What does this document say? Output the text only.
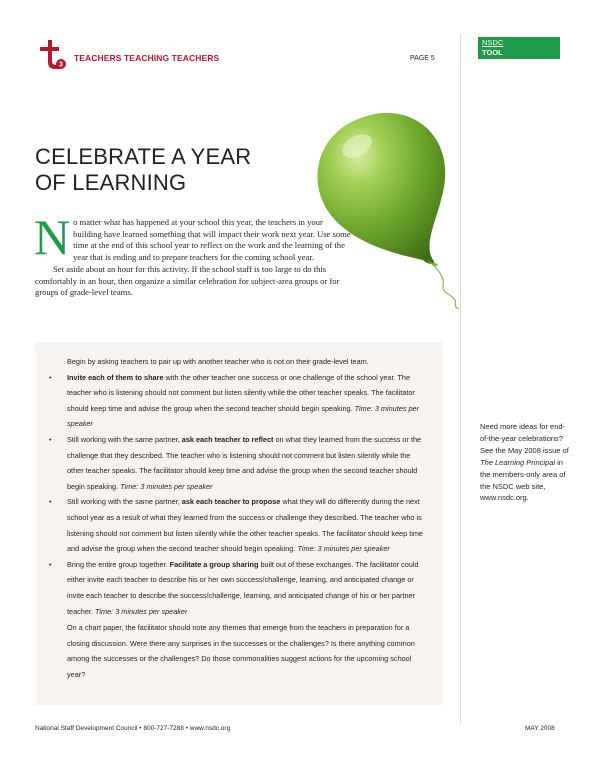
3
TEACHERS TEACHING TEACHERS	PAGE 5
NSDC
TOOL
CELEBRATE A YEAR
OF LEARNING

No matter what has happened at your school this year, the teachers in your building have learned something that will impact their work next year. Use some time at the end of this school year to reflect on the work and the learning of the year that is ending and to prepare teachers for the coming school year.

Set aside about an hour for this activity. If the school staff is too large to do this comfortably in an hour, then organize a similar celebration for subject-area groups or for groups of grade-level teams.

Begin by asking teachers to pair up with another teacher who is not on their grade-level team.

• Invite each of them to share with the other teacher one success or one challenge of the school year. The teacher who is listening should not comment but listen silently while the other teacher speaks. The facilitator should keep time and advise the group when the second teacher should begin speaking. Time: 3 minutes per speaker
• Still working with the same partner, ask each teacher to reflect on what they learned from the success or the challenge that they described. The teacher who is listening should not comment but listen silently while the other teacher speaks. The facilitator should keep time and advise the group when the second teacher should begin speaking. Time: 3 minutes per speaker
• Still working with the same partner, ask each teacher to propose what they will do differently during the next school year as a result of what they learned from the success or challenge they described. The teacher who is listening should not comment but listen silently while the other teacher speaks. The facilitator should keep time and advise the group when the second teacher should begin speaking. Time: 3 minutes per speaker
• Bring the entire group together. Facilitate a group sharing built out of these exchanges. The facilitator could either invite each teacher to describe his or her own success/challenge, learning, and anticipated change or invite each teacher to describe the success/challenge, learning, and anticipated change of his or her partner teacher. Time: 3 minutes per speaker

On a chart paper, the facilitator should note any themes that emerge from the teachers in preparation for a closing discussion. Were there any surprises in the successes or the challenges? Is there anything common among the successes or the challenges? Do those commonalities suggest actions for the upcoming school year?

Need more ideas for end-of-the-year celebrations? See the May 2008 issue of The Learning Principal in the members-only area of the NSDC web site, www.nsdc.org.
National Staff Development Council • 800-727-7288 • www.nsdc.org	MAY 2008
